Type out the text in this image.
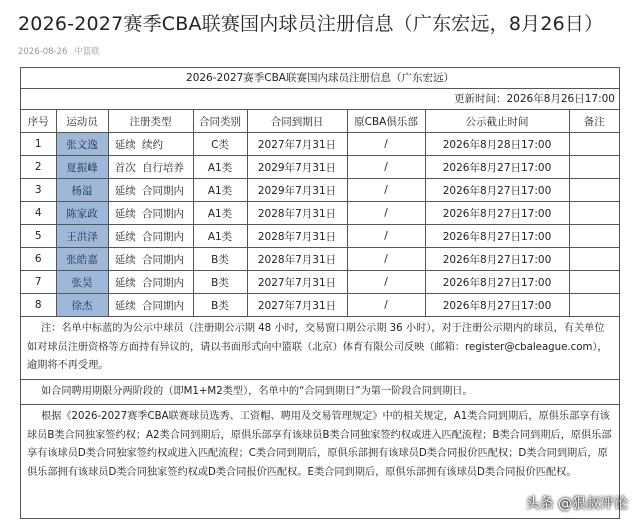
2026-2027赛季CBA联赛国内球员注册信息（广东宏远，8月26日）
2026-08-26 中篮联
2026-2027赛季CBA联赛国内球员注册信息（广东宏远）
更新时间：2026年8月26日17:00
序号	运动员	注册类型		合同类别	合同到期日	原CBA俱乐部	公示截止时间	备注
1	张文逸	延续	续约	C类	2027年7月31日	/	2026年8月28日17:00	
2	夏振峰	首次	自行培养	A1类	2029年7月31日	/	2026年8月27日17:00	
3	杨溢	延续	合同期内	A1类	2029年7月31日	/	2026年8月27日17:00	
4	陈家政	延续	合同期内	A1类	2028年7月31日	/	2026年8月27日17:00	
5	王洪泽	延续	合同期内	A1类	2028年7月31日	/	2026年8月27日17:00	
6	张皓嘉	延续	合同期内	B类	2028年7月31日	/	2026年8月27日17:00	
7	张昊	延续	合同期内	B类	2027年7月31日	/	2026年8月27日17:00	
8	徐杰	延续	合同期内	B类	2027年7月31日	/	2026年8月27日17:00	
注：名单中标蓝的为公示中球员（注册期公示期 48 小时，交易窗口期公示期 36 小时），对于注册公示期内的球员，有关单位如对球员注册资格等方面持有异议的，请以书面形式向中篮联（北京）体育有限公司反映（邮箱：register@cbaleague.com），逾期将不再受理。
如合同聘用期限分两阶段的（即M1+M2类型），名单中的“合同到期日”为第一阶段合同到期日。
根据《2026-2027赛季CBA联赛球员选秀、工资帽、聘用及交易管理规定》中的相关规定，A1类合同到期后，原俱乐部享有该球员B类合同独家签约权；A2类合同到期后，原俱乐部享有该球员B类合同独家签约权或进入匹配流程；B类合同到期后，原俱乐部享有该球员D类合同独家签约权或进入匹配流程；C类合同到期后，原俱乐部拥有该球员D类合同报价匹配权；D类合同到期后，原俱乐部拥有该球员D类合同独家签约权或D类合同报价匹配权。E类合同到期后，原俱乐部拥有该球员D类合同报价匹配权。
头条 @狠叔评论
